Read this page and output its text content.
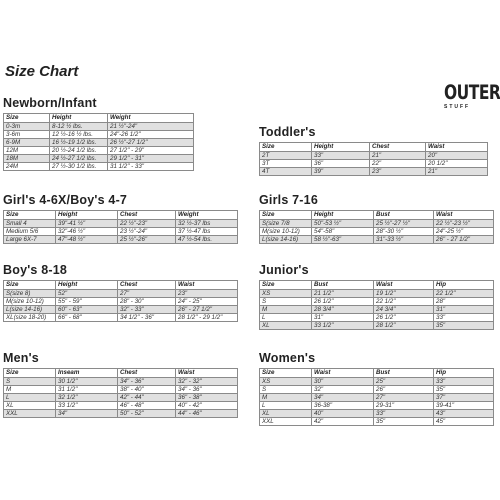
Size Chart
OUTER
STUFF
Newborn/Infant
Size	Height	Weight
0-3m	8-12 ½ lbs.	21 ½"-24"
3-6m	12 ½-16 ½ lbs.	24"-26 1/2"
6-9M	16 ½-19 1/2 lbs.	26 ½"-27 1/2"
12M	20 ½-24 1/2 lbs.	27 1/2" - 29"
18M	24 ½-27 1/2 lbs.	29 1/2" - 31"
24M	27 ½-30 1/2 lbs.	31 1/2" - 33"
Toddler's
Size	Height	Chest	Waist
2T	33"	21"	20"
3T	36"	22"	20 1/2"
4T	39"	23"	21"
Girl's 4-6X/Boy's 4-7
Size	Height	Chest	Weight
Small 4	39"-41 ½"	22 ½"-23"	32 ½-37 lbs
Medium 5/6	32"-46 ½"	23 ½"-24"	37 ½-47 lbs
Large 6X-7	47"-48 ½"	25 ½"-26"	47 ½-54 lbs.
Girls 7-16
Size	Height	Bust	Waist
S(size 7/8	50"-53 ½"	25 ½"-27 ½"	22 ½"-23 ½"
M(size 10-12)	54"-58"	28"-30 ½"	24"-25 ½"
L(size 14-16)	58 ½"-63"	31"-33 ½"	26" - 27 1/2"
Boy's 8-18
Size	Height	Chest	Waist
S(size 8)	52"	27"	23"
M(size 10-12)	55" - 59"	28" - 30"	24" - 25"
L(size 14-16)	60" - 63"	32" - 33"	26" - 27 1/2"
XL(size 18-20)	66" - 68"	34 1/2" - 36"	28 1/2" - 29 1/2"
Junior's
Size	Bust	Waist	Hip
XS	21 1/2"	19 1/2"	22 1/2"
S	26 1/2"	22 1/2"	28"
M	28 3/4"	24 3/4"	31"
L	31"	26 1/2"	33"
XL	33 1/2"	28 1/2"	35"
Men's
Size	Inseam	Chest	Waist
S	30 1/2"	34" - 36"	32" - 32"
M	31 1/2"	38" - 40"	34" - 36"
L	32 1/2"	42" - 44"	36" - 38"
XL	33 1/2"	46" - 48"	40" - 42"
XXL	34"	50" - 52"	44" - 46"
Women's
Size	Waist	Bust	Hip
XS	30"	25"	33"
S	32"	26"	35"
M	34"	27"	37"
L	36-38"	29-31"	39-41"
XL	40"	33"	43"
XXL	42"	35"	45"
